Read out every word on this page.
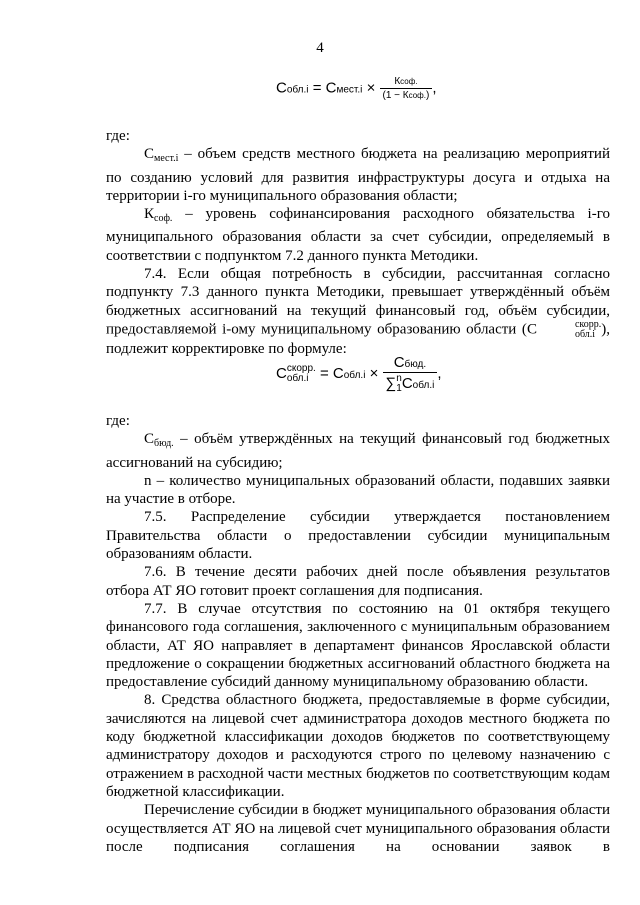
4
Собл.i = Смест.i × $\frac{\text{Ксоф.}}{\text{(1 − Ксоф.)}}$ ,

где:

$С_{мест.i}$ – объем средств местного бюджета на реализацию мероприятий по созданию условий для развития инфраструктуры досуга и отдыха на территории i-го муниципального образования области;

$К_{соф.}$ – уровень софинансирования расходного обязательства i-го муниципального образования области за счет субсидии, определяемый в соответствии с подпунктом 7.2 данного пункта Методики.

7.4. Если общая потребность в субсидии, рассчитанная согласно подпункту 7.3 данного пункта Методики, превышает утверждённый объём бюджетных ассигнований на текущий финансовый год, объём субсидии, предоставляемой i-ому муниципальному образованию области (С	скорр.
обл.i ),

подлежит корректировке по формуле:

С скорр.
обл.i = Собл.i × Сбюд.
∑ n
1 Собл.i ,

где:

$С_{бюд.}$ – объём утверждённых на текущий финансовый год бюджетных ассигнований на субсидию;

n – количество муниципальных образований области, подавших заявки на участие в отборе.

7.5. Распределение субсидии утверждается постановлением Правительства области о предоставлении субсидии муниципальным образованиям области.

7.6. В течение десяти рабочих дней после объявления результатов отбора АТ ЯО готовит проект соглашения для подписания.

7.7. В случае отсутствия по состоянию на 01 октября текущего финансового года соглашения, заключенного с муниципальным образованием области, АТ ЯО направляет в департамент финансов Ярославской области предложение о сокращении бюджетных ассигнований областного бюджета на предоставление субсидий данному муниципальному образованию области.

8. Средства областного бюджета, предоставляемые в форме субсидии, зачисляются на лицевой счет администратора доходов местного бюджета по коду бюджетной классификации доходов бюджетов по соответствующему администратору доходов и расходуются строго по целевому назначению с отражением в расходной части местных бюджетов по соответствующим кодам бюджетной классификации.

Перечисление субсидии в бюджет муниципального образования области осуществляется АТ ЯО на лицевой счет муниципального образования области после подписания соглашения на основании заявок в
